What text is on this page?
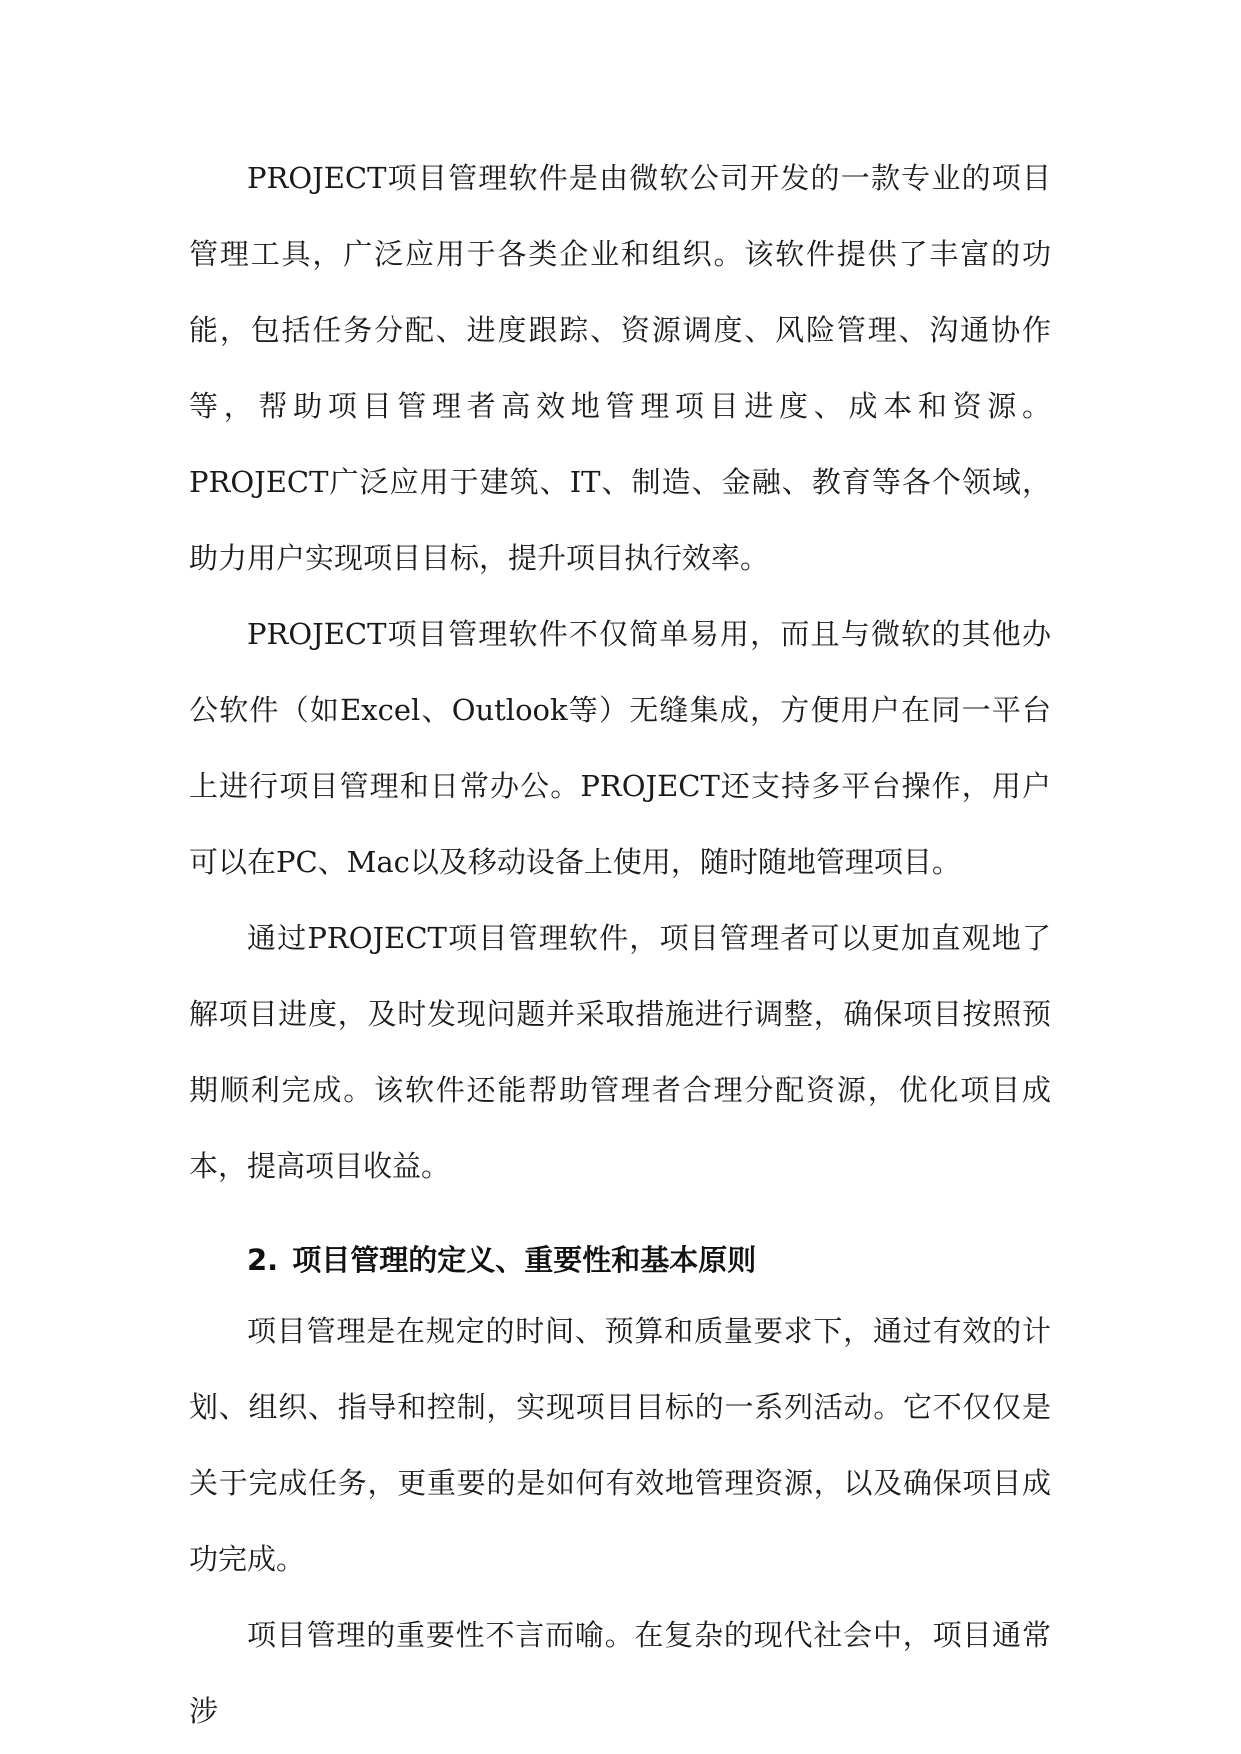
PROJECT项目管理软件是由微软公司开发的一款专业的项目管理工具，广泛应用于各类企业和组织。该软件提供了丰富的功能，包括任务分配、进度跟踪、资源调度、风险管理、沟通协作等，帮助项目管理者高效地管理项目进度、成本和资源。PROJECT广泛应用于建筑、IT、制造、金融、教育等各个领域，助力用户实现项目目标，提升项目执行效率。

PROJECT项目管理软件不仅简单易用，而且与微软的其他办公软件（如Excel、Outlook等）无缝集成，方便用户在同一平台上进行项目管理和日常办公。PROJECT还支持多平台操作，用户可以在PC、Mac以及移动设备上使用，随时随地管理项目。

通过PROJECT项目管理软件，项目管理者可以更加直观地了解项目进度，及时发现问题并采取措施进行调整，确保项目按照预期顺利完成。该软件还能帮助管理者合理分配资源，优化项目成本，提高项目收益。

2. 项目管理的定义、重要性和基本原则

项目管理是在规定的时间、预算和质量要求下，通过有效的计划、组织、指导和控制，实现项目目标的一系列活动。它不仅仅是关于完成任务，更重要的是如何有效地管理资源，以及确保项目成功完成。

项目管理的重要性不言而喻。在复杂的现代社会中，项目通常涉
